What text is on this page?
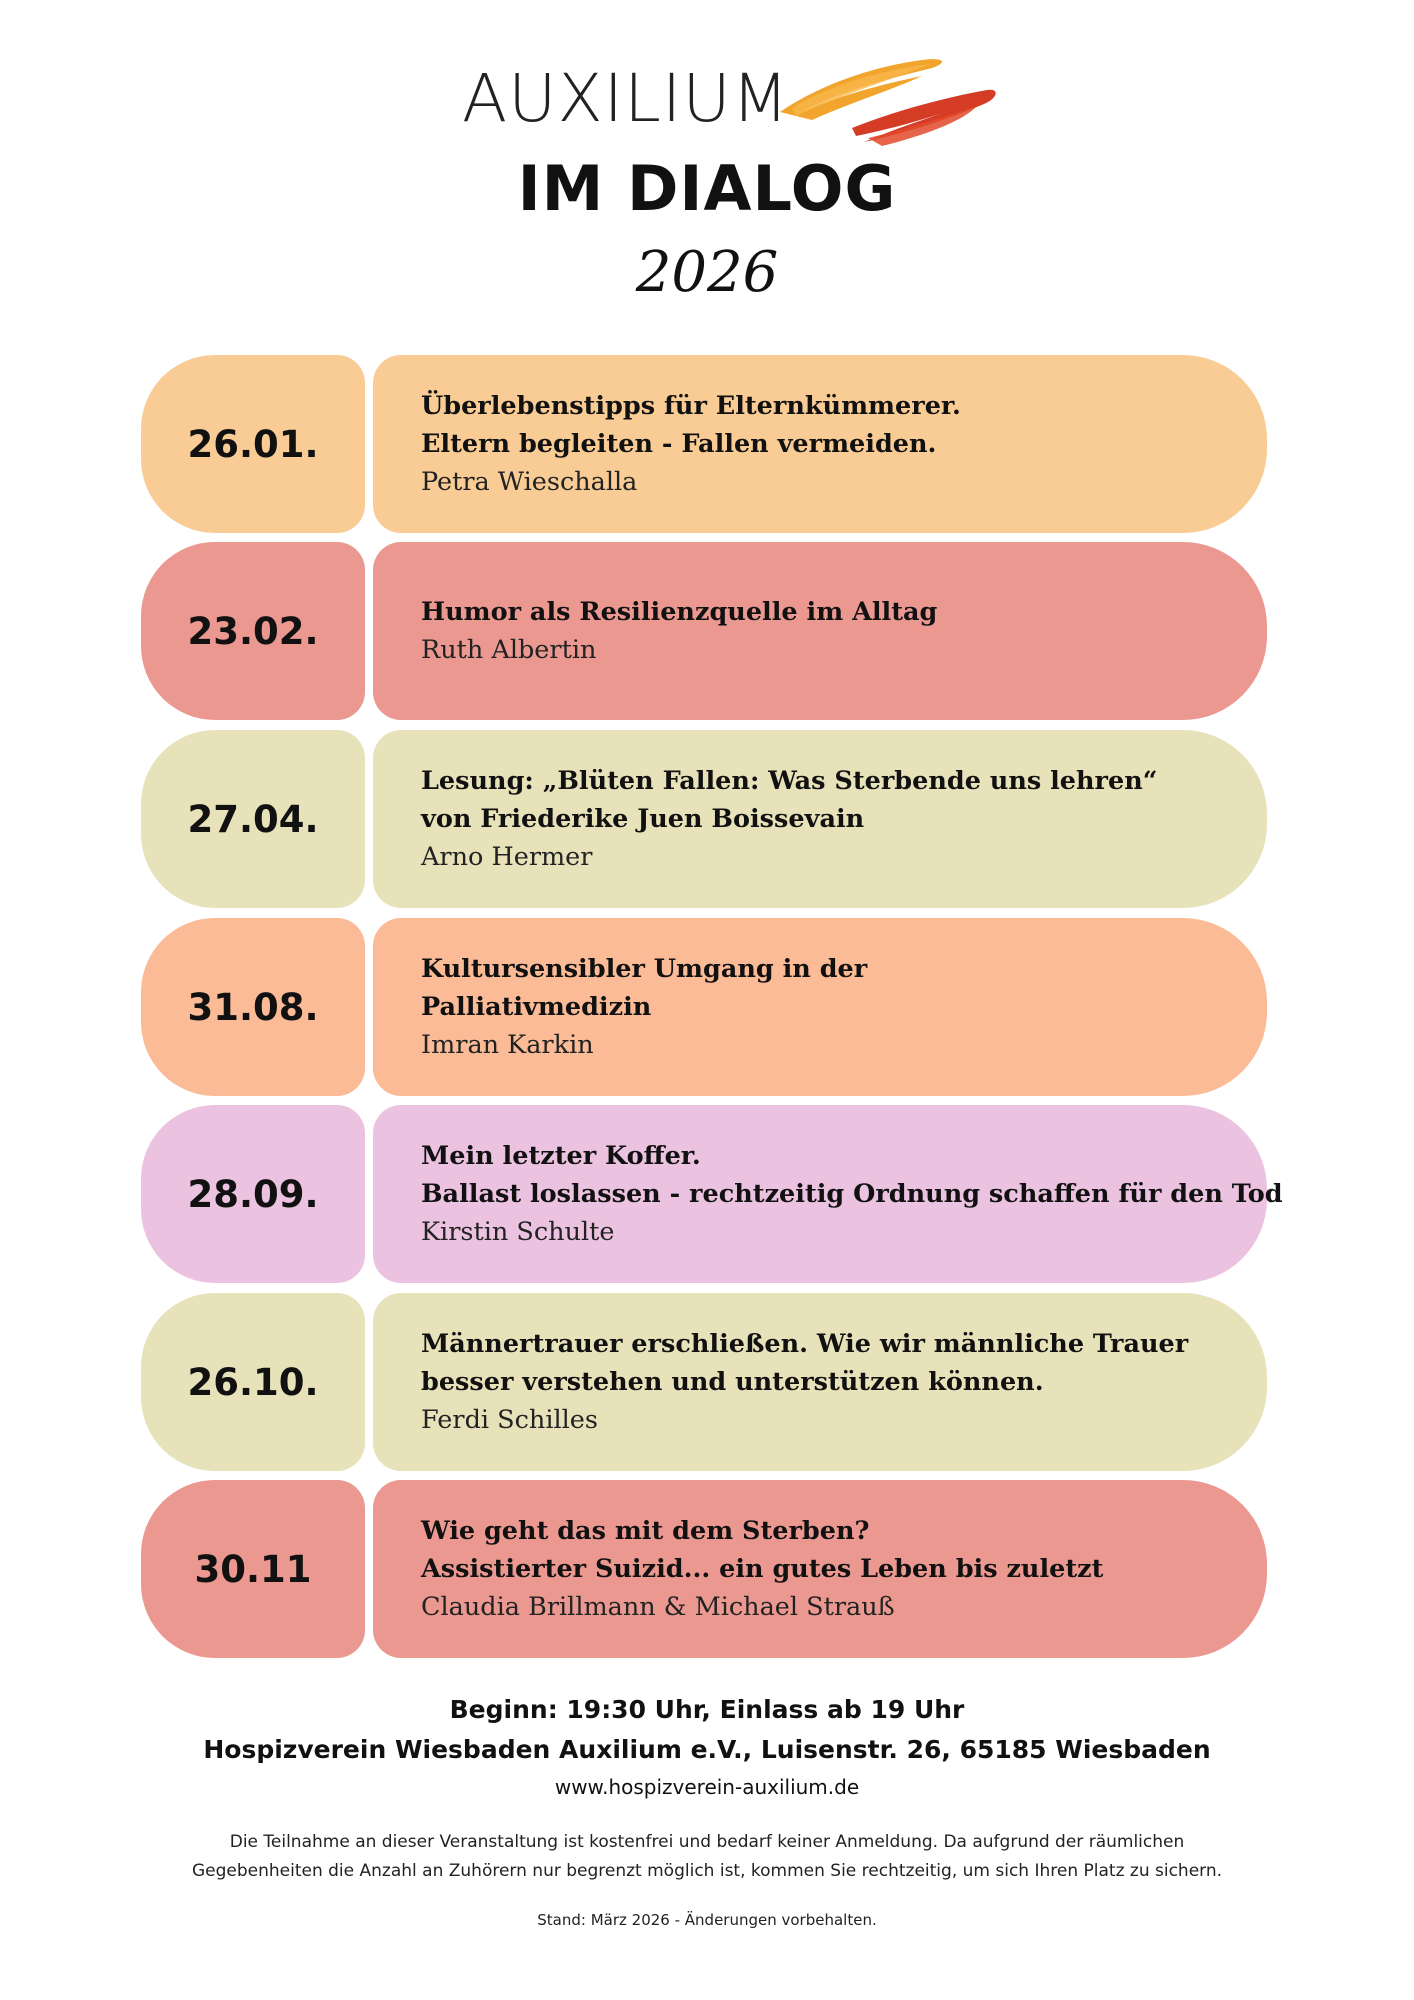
AUXILIUM
IM DIALOG
2026
26.01.
Überlebenstipps für Elternkümmerer.
Eltern begleiten - Fallen vermeiden.
Petra Wieschalla
23.02.	Humor als Resilienzquelle im Alltag
Ruth Albertin
27.04.
Lesung: „Blüten Fallen: Was Sterbende uns lehren“
von Friederike Juen Boissevain
Arno Hermer
31.08.
Kultursensibler Umgang in der
Palliativmedizin
Imran Karkin
28.09.
Mein letzter Koffer.
Ballast loslassen - rechtzeitig Ordnung schaffen für den Tod
Kirstin Schulte
26.10.
Männertrauer erschließen. Wie wir männliche Trauer
besser verstehen und unterstützen können.
Ferdi Schilles
30.11
Wie geht das mit dem Sterben?
Assistierter Suizid... ein gutes Leben bis zuletzt
Claudia Brillmann & Michael Strauß
Beginn: 19:30 Uhr, Einlass ab 19 Uhr
Hospizverein Wiesbaden Auxilium e.V., Luisenstr. 26, 65185 Wiesbaden
www.hospizverein-auxilium.de
Die Teilnahme an dieser Veranstaltung ist kostenfrei und bedarf keiner Anmeldung. Da aufgrund der räumlichen
Gegebenheiten die Anzahl an Zuhörern nur begrenzt möglich ist, kommen Sie rechtzeitig, um sich Ihren Platz zu sichern.
Stand: März 2026 - Änderungen vorbehalten.
